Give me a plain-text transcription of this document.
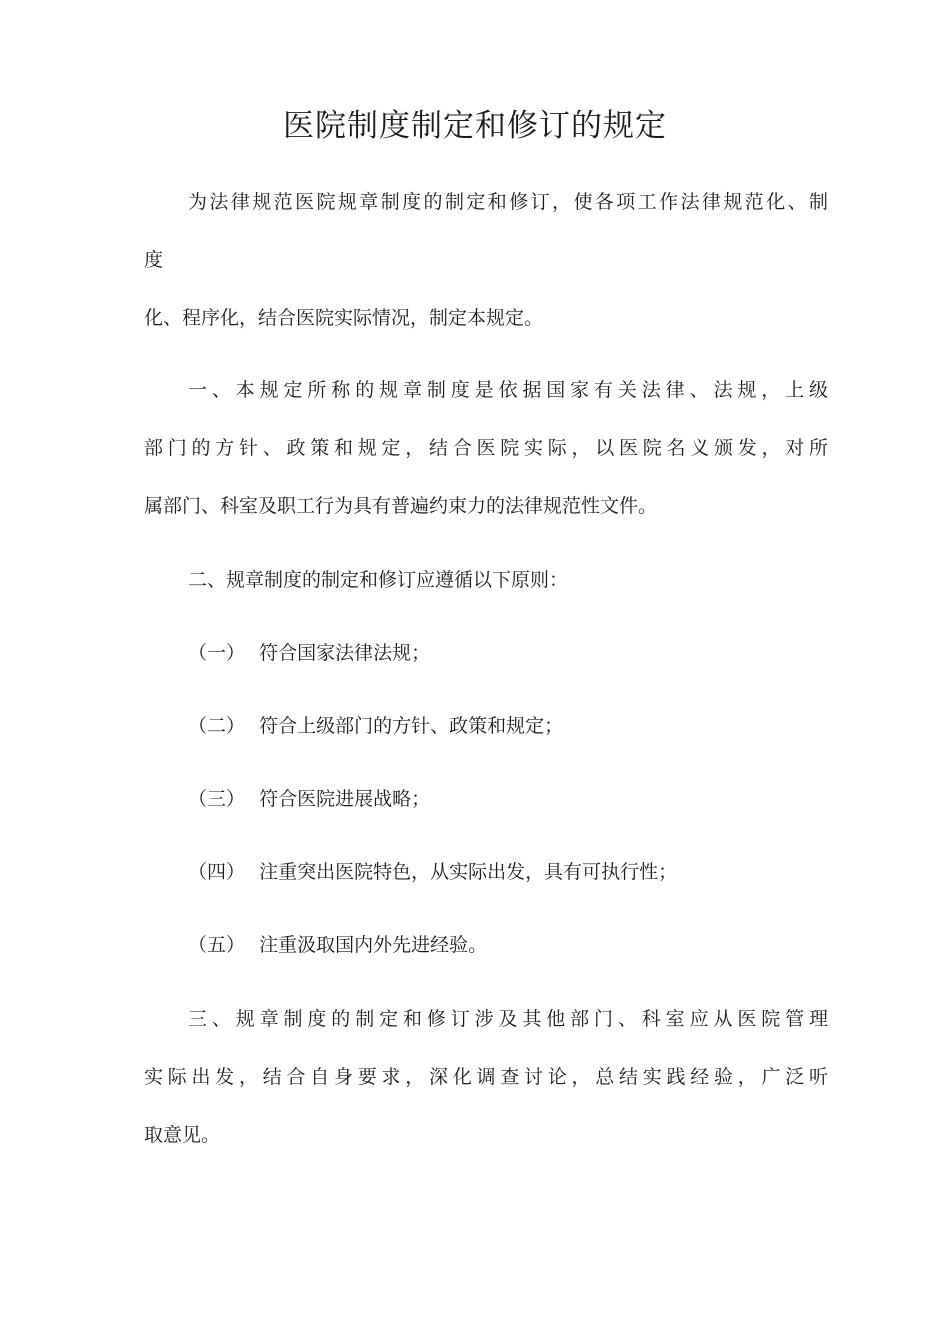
医院制度制定和修订的规定
为法律规范医院规章制度的制定和修订，使各项工作法律规范化、制
度
化、程序化，结合医院实际情况，制定本规定。
一、本规定所称的规章制度是依据国家有关法律、法规，上级
部门的方针、政策和规定，结合医院实际，以医院名义颁发，对所
属部门、科室及职工行为具有普遍约束力的法律规范性文件。
二、规章制度的制定和修订应遵循以下原则：
（一） 符合国家法律法规；
（二） 符合上级部门的方针、政策和规定；
（三） 符合医院进展战略；
（四） 注重突出医院特色，从实际出发，具有可执行性；
（五） 注重汲取国内外先进经验。
三、规章制度的制定和修订涉及其他部门、科室应从医院管理
实际出发，结合自身要求，深化调查讨论，总结实践经验，广泛听
取意见。
